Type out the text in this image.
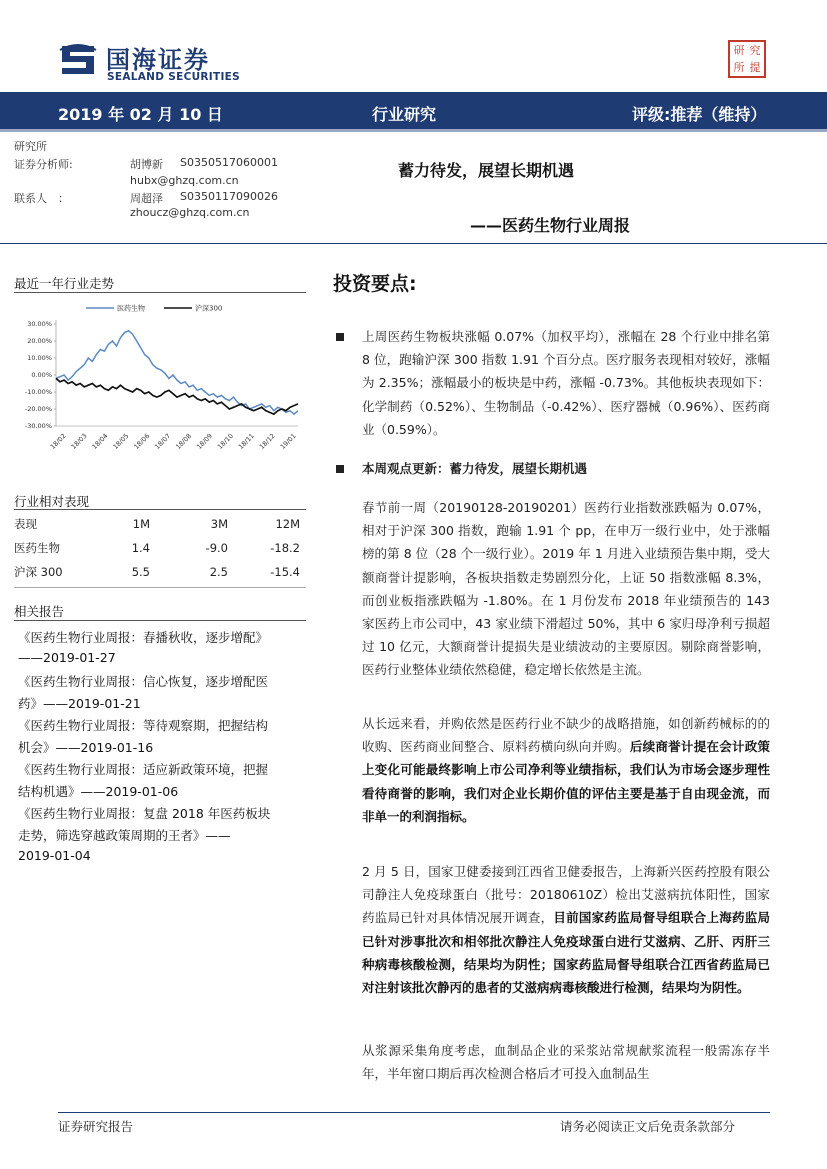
国海证券
SEALAND SECURITIES
研 究
所 提
2019 年 02 月 10 日	行业研究	评级:推荐（维持）
研究所
证券分析师:	胡博新 S0350517060001
hubx@ghzq.com.cn
联系人　：	周超泽 S0350117090026
zhoucz@ghzq.com.cn
蓄力待发，展望长期机遇
——医药生物行业周报
最近一年行业走势
30.00%
20.00%
10.00%
0.00%
-10.00%
-20.00%
-30.00%
18/02 18/03 18/04 18/05 18/06 18/07 18/08 18/09 18/10 18/11 18/12 19/01
医药生物	沪深300
行业相对表现
表现	1M	3M	12M
医药生物	1.4	-9.0	-18.2
沪深 300	5.5	2.5	-15.4
相关报告
《医药生物行业周报：春播秋收，逐步增配》
——2019-01-27
《医药生物行业周报：信心恢复，逐步增配医
药》——2019-01-21
《医药生物行业周报：等待观察期，把握结构
机会》——2019-01-16
《医药生物行业周报：适应新政策环境，把握
结构机遇》——2019-01-06
《医药生物行业周报：复盘 2018 年医药板块
走势，筛选穿越政策周期的王者》——
2019-01-04
投资要点:
上周医药生物板块涨幅 0.07%（加权平均），涨幅在 28 个行业中排名第 8 位，跑输沪深 300 指数 1.91 个百分点。医疗服务表现相对较好，涨幅为 2.35%；涨幅最小的板块是中药，涨幅 -0.73%。其他板块表现如下：化学制药（0.52%）、生物制品（-0.42%）、医疗器械（0.96%）、医药商业（0.59%）。
本周观点更新：蓄力待发，展望长期机遇
春节前一周（20190128-20190201）医药行业指数涨跌幅为 0.07%，相对于沪深 300 指数，跑输 1.91 个 pp，在申万一级行业中，处于涨幅榜的第 8 位（28 个一级行业）。2019 年 1 月进入业绩预告集中期，受大额商誉计提影响，各板块指数走势剧烈分化，上证 50 指数涨幅 8.3%，而创业板指涨跌幅为 -1.80%。在 1 月份发布 2018 年业绩预告的 143 家医药上市公司中，43 家业绩下滑超过 50%，其中 6 家归母净利亏损超过 10 亿元，大额商誉计提损失是业绩波动的主要原因。剔除商誉影响，医药行业整体业绩依然稳健，稳定增长依然是主流。
从长远来看，并购依然是医药行业不缺少的战略措施，如创新药械标的的收购、医药商业间整合、原料药横向纵向并购。后续商誉计提在会计政策上变化可能最终影响上市公司净利等业绩指标，我们认为市场会逐步理性看待商誉的影响，我们对企业长期价值的评估主要是基于自由现金流，而非单一的利润指标。
2 月 5 日，国家卫健委接到江西省卫健委报告，上海新兴医药控股有限公司静注人免疫球蛋白（批号：20180610Z）检出艾滋病抗体阳性，国家药监局已针对具体情况展开调查，目前国家药监局督导组联合上海药监局已针对涉事批次和相邻批次静注人免疫球蛋白进行艾滋病、乙肝、丙肝三种病毒核酸检测，结果均为阴性；国家药监局督导组联合江西省药监局已对注射该批次静丙的患者的艾滋病病毒核酸进行检测，结果均为阴性。
从浆源采集角度考虑，血制品企业的采浆站常规献浆流程一般需冻存半年，半年窗口期后再次检测合格后才可投入血制品生
证券研究报告	请务必阅读正文后免责条款部分
